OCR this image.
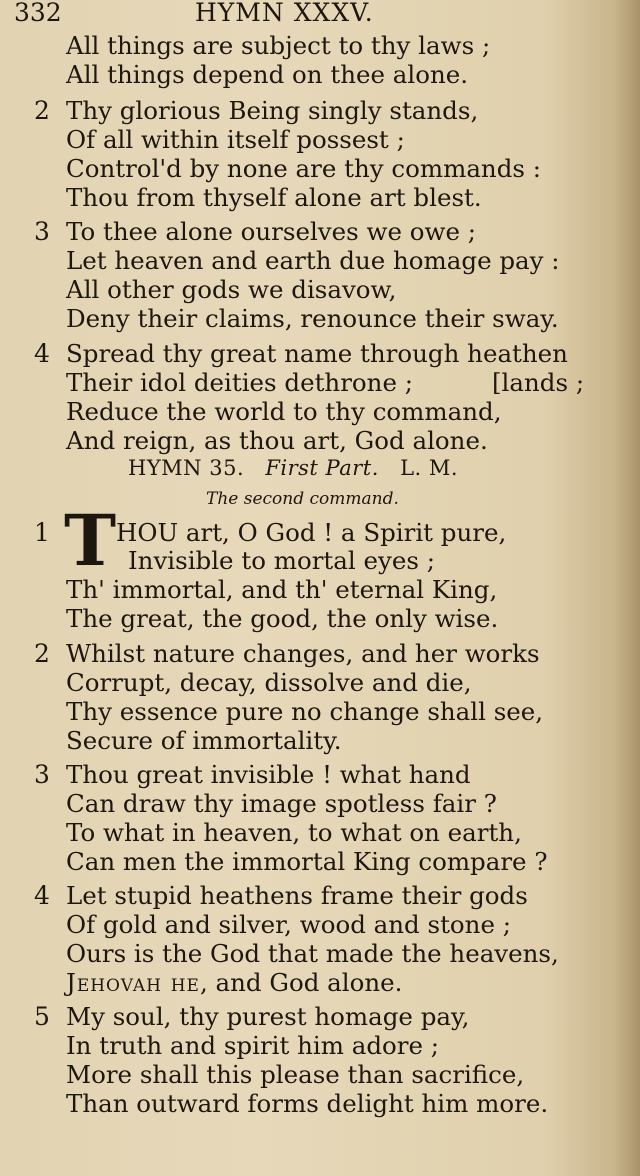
332	HYMN XXXV.
All things are subject to thy laws ;
All things depend on thee alone.
2 Thy glorious Being singly stands,
Of all within itself possest ;
Control'd by none are thy commands :
Thou from thyself alone art blest.
3 To thee alone ourselves we owe ;
Let heaven and earth due homage pay :
All other gods we disavow,
Deny their claims, renounce their sway.
4 Spread thy great name through heathen
Their idol deities dethrone ;	[lands ;
Reduce the world to thy command,
And reign, as thou art, God alone.
HYMN 35. First Part. L. M.
The second command.
1 T HOU art, O God ! a Spirit pure,
Invisible to mortal eyes ;
Th' immortal, and th' eternal King,
The great, the good, the only wise.
2 Whilst nature changes, and her works
Corrupt, decay, dissolve and die,
Thy essence pure no change shall see,
Secure of immortality.
3 Thou great invisible ! what hand
Can draw thy image spotless fair ?
To what in heaven, to what on earth,
Can men the immortal King compare ?
4 Let stupid heathens frame their gods
Of gold and silver, wood and stone ;
Ours is the God that made the heavens,
Jehovah he, and God alone.
5 My soul, thy purest homage pay,
In truth and spirit him adore ;
More shall this please than sacrifice,
Than outward forms delight him more.
